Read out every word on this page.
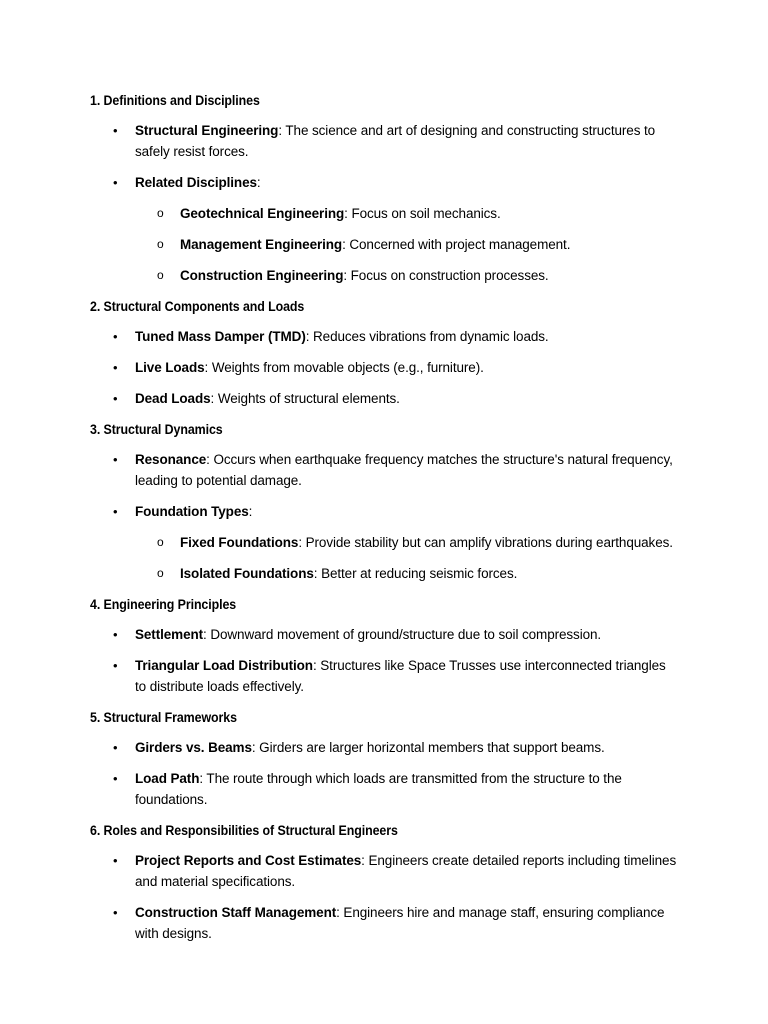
1. Definitions and Disciplines
• Structural Engineering: The science and art of designing and constructing structures to safely resist forces.
• Related Disciplines:
o Geotechnical Engineering: Focus on soil mechanics.
o Management Engineering: Concerned with project management.
o Construction Engineering: Focus on construction processes.
2. Structural Components and Loads
• Tuned Mass Damper (TMD): Reduces vibrations from dynamic loads.
• Live Loads: Weights from movable objects (e.g., furniture).
• Dead Loads: Weights of structural elements.
3. Structural Dynamics
• Resonance: Occurs when earthquake frequency matches the structure's natural frequency, leading to potential damage.
• Foundation Types:
o Fixed Foundations: Provide stability but can amplify vibrations during earthquakes.
o Isolated Foundations: Better at reducing seismic forces.
4. Engineering Principles
• Settlement: Downward movement of ground/structure due to soil compression.
• Triangular Load Distribution: Structures like Space Trusses use interconnected triangles to distribute loads effectively.
5. Structural Frameworks
• Girders vs. Beams: Girders are larger horizontal members that support beams.
• Load Path: The route through which loads are transmitted from the structure to the foundations.
6. Roles and Responsibilities of Structural Engineers
• Project Reports and Cost Estimates: Engineers create detailed reports including timelines and material specifications.
• Construction Staff Management: Engineers hire and manage staff, ensuring compliance with designs.
